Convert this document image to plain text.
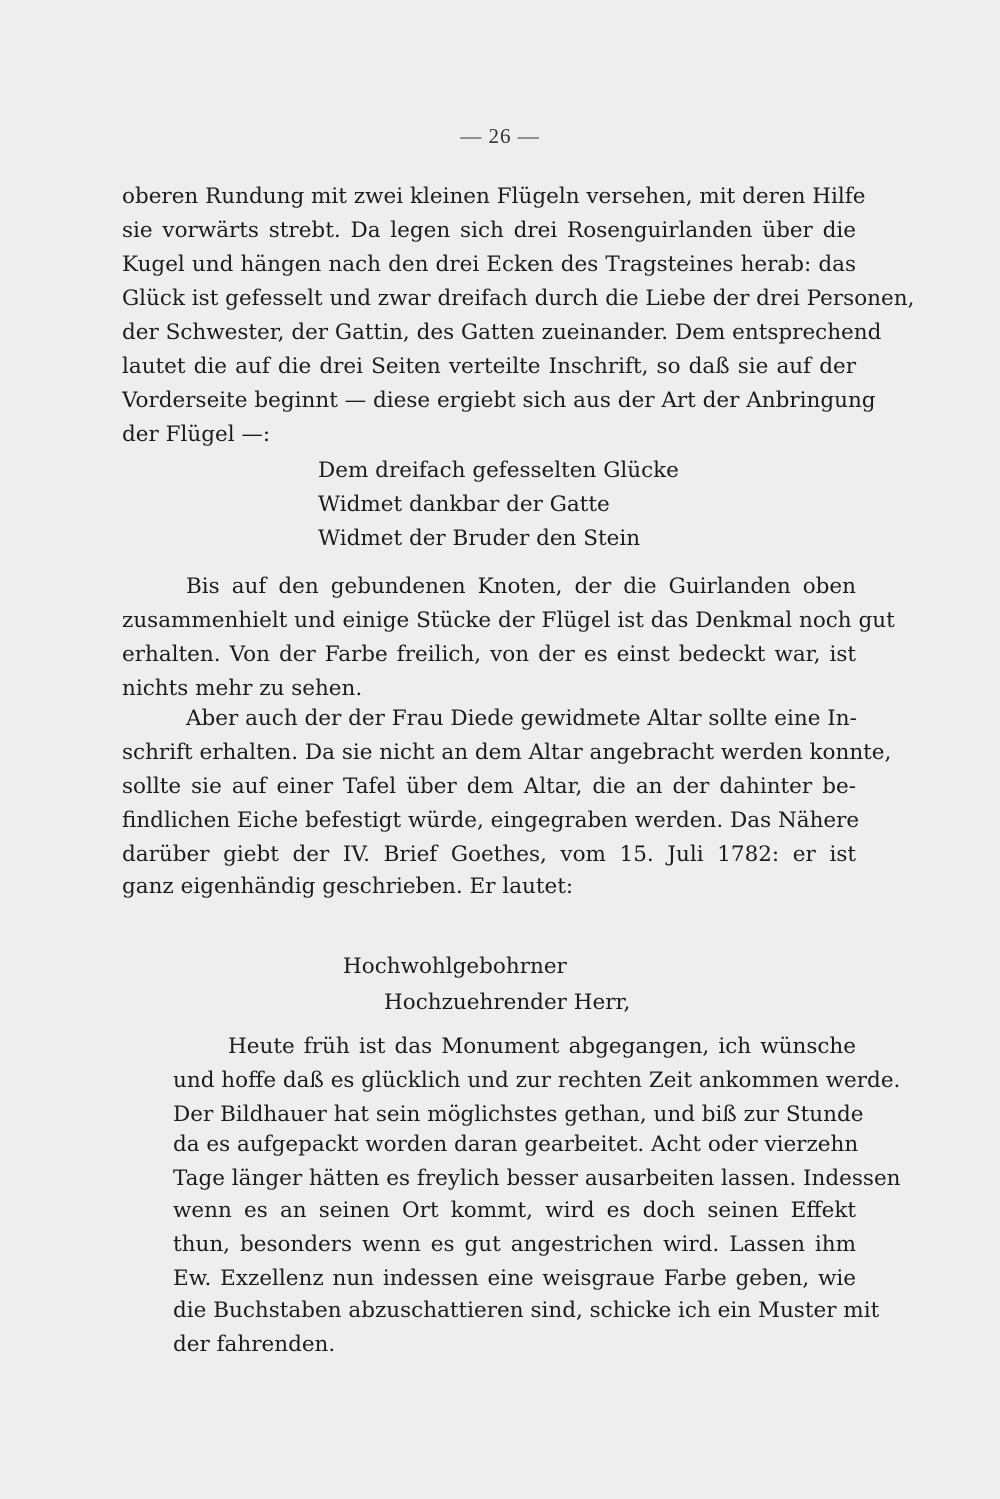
— 26 —
oberen Rundung mit zwei kleinen Flügeln versehen, mit deren Hilfe
sie vorwärts strebt. Da legen sich drei Rosenguirlanden über die
Kugel und hängen nach den drei Ecken des Tragsteines herab: das
Glück ist gefesselt und zwar dreifach durch die Liebe der drei Personen,
der Schwester, der Gattin, des Gatten zueinander. Dem entsprechend
lautet die auf die drei Seiten verteilte Inschrift, so daß sie auf der
Vorderseite beginnt — diese ergiebt sich aus der Art der Anbringung
der Flügel —:
Dem dreifach gefesselten Glücke
Widmet dankbar der Gatte
Widmet der Bruder den Stein
Bis auf den gebundenen Knoten, der die Guirlanden oben
zusammenhielt und einige Stücke der Flügel ist das Denkmal noch gut
erhalten. Von der Farbe freilich, von der es einst bedeckt war, ist
nichts mehr zu sehen.
Aber auch der der Frau Diede gewidmete Altar sollte eine In-
schrift erhalten. Da sie nicht an dem Altar angebracht werden konnte,
sollte sie auf einer Tafel über dem Altar, die an der dahinter be-
findlichen Eiche befestigt würde, eingegraben werden. Das Nähere
darüber giebt der IV. Brief Goethes, vom 15. Juli 1782: er ist
ganz eigenhändig geschrieben. Er lautet:
Hochwohlgebohrner
Hochzuehrender Herr,
Heute früh ist das Monument abgegangen, ich wünsche
und hoffe daß es glücklich und zur rechten Zeit ankommen werde.
Der Bildhauer hat sein möglichstes gethan, und biß zur Stunde
da es aufgepackt worden daran gearbeitet. Acht oder vierzehn
Tage länger hätten es freylich besser ausarbeiten lassen. Indessen
wenn es an seinen Ort kommt, wird es doch seinen Effekt
thun, besonders wenn es gut angestrichen wird. Lassen ihm
Ew. Exzellenz nun indessen eine weisgraue Farbe geben, wie
die Buchstaben abzuschattieren sind, schicke ich ein Muster mit
der fahrenden.
